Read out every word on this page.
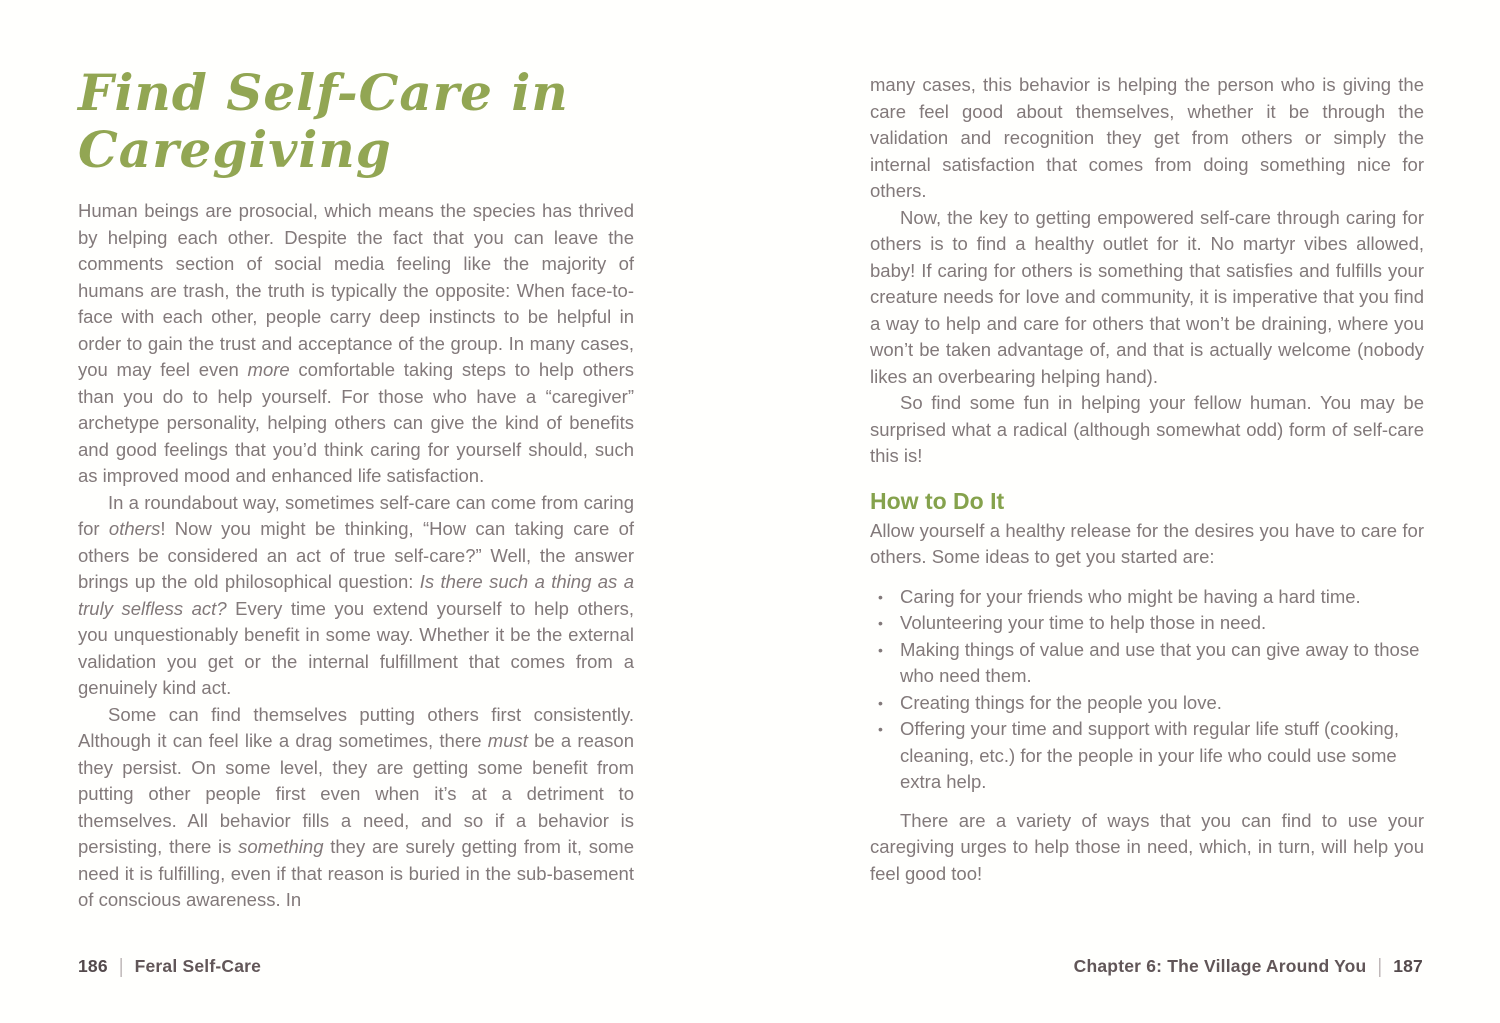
Find Self-Care in
Caregiving

Human beings are prosocial, which means the species has thrived by helping each other. Despite the fact that you can leave the comments section of social media feeling like the majority of humans are trash, the truth is typically the opposite: When face-to-face with each other, people carry deep instincts to be helpful in order to gain the trust and acceptance of the group. In many cases, you may feel even more comfortable taking steps to help others than you do to help yourself. For those who have a “caregiver” archetype personality, helping others can give the kind of benefits and good feelings that you’d think caring for yourself should, such as improved mood and enhanced life satisfaction.

In a roundabout way, sometimes self-care can come from caring for others! Now you might be thinking, “How can taking care of others be considered an act of true self-care?” Well, the answer brings up the old philosophical question: Is there such a thing as a truly selfless act? Every time you extend yourself to help others, you unquestionably benefit in some way. Whether it be the external validation you get or the internal fulfillment that comes from a genuinely kind act.

Some can find themselves putting others first consistently. Although it can feel like a drag sometimes, there must be a reason they persist. On some level, they are getting some benefit from putting other people first even when it’s at a detriment to themselves. All behavior fills a need, and so if a behavior is persisting, there is something they are surely getting from it, some need it is fulfilling, even if that reason is buried in the sub-basement of conscious awareness. In

many cases, this behavior is helping the person who is giving the care feel good about themselves, whether it be through the validation and recognition they get from others or simply the internal satisfaction that comes from doing something nice for others.

Now, the key to getting empowered self-care through caring for others is to find a healthy outlet for it. No martyr vibes allowed, baby! If caring for others is something that satisfies and fulfills your creature needs for love and community, it is imperative that you find a way to help and care for others that won’t be draining, where you won’t be taken advantage of, and that is actually welcome (nobody likes an overbearing helping hand).

So find some fun in helping your fellow human. You may be surprised what a radical (although somewhat odd) form of self-care this is!

How to Do It

Allow yourself a healthy release for the desires you have to care for others. Some ideas to get you started are:

• Caring for your friends who might be having a hard time.
• Volunteering your time to help those in need.
• Making things of value and use that you can give away to those who need them.
• Creating things for the people you love.
• Offering your time and support with regular life stuff (cooking, cleaning, etc.) for the people in your life who could use some extra help.

There are a variety of ways that you can find to use your caregiving urges to help those in need, which, in turn, will help you feel good too!

186 | Feral Self-Care	Chapter 6: The Village Around You | 187
